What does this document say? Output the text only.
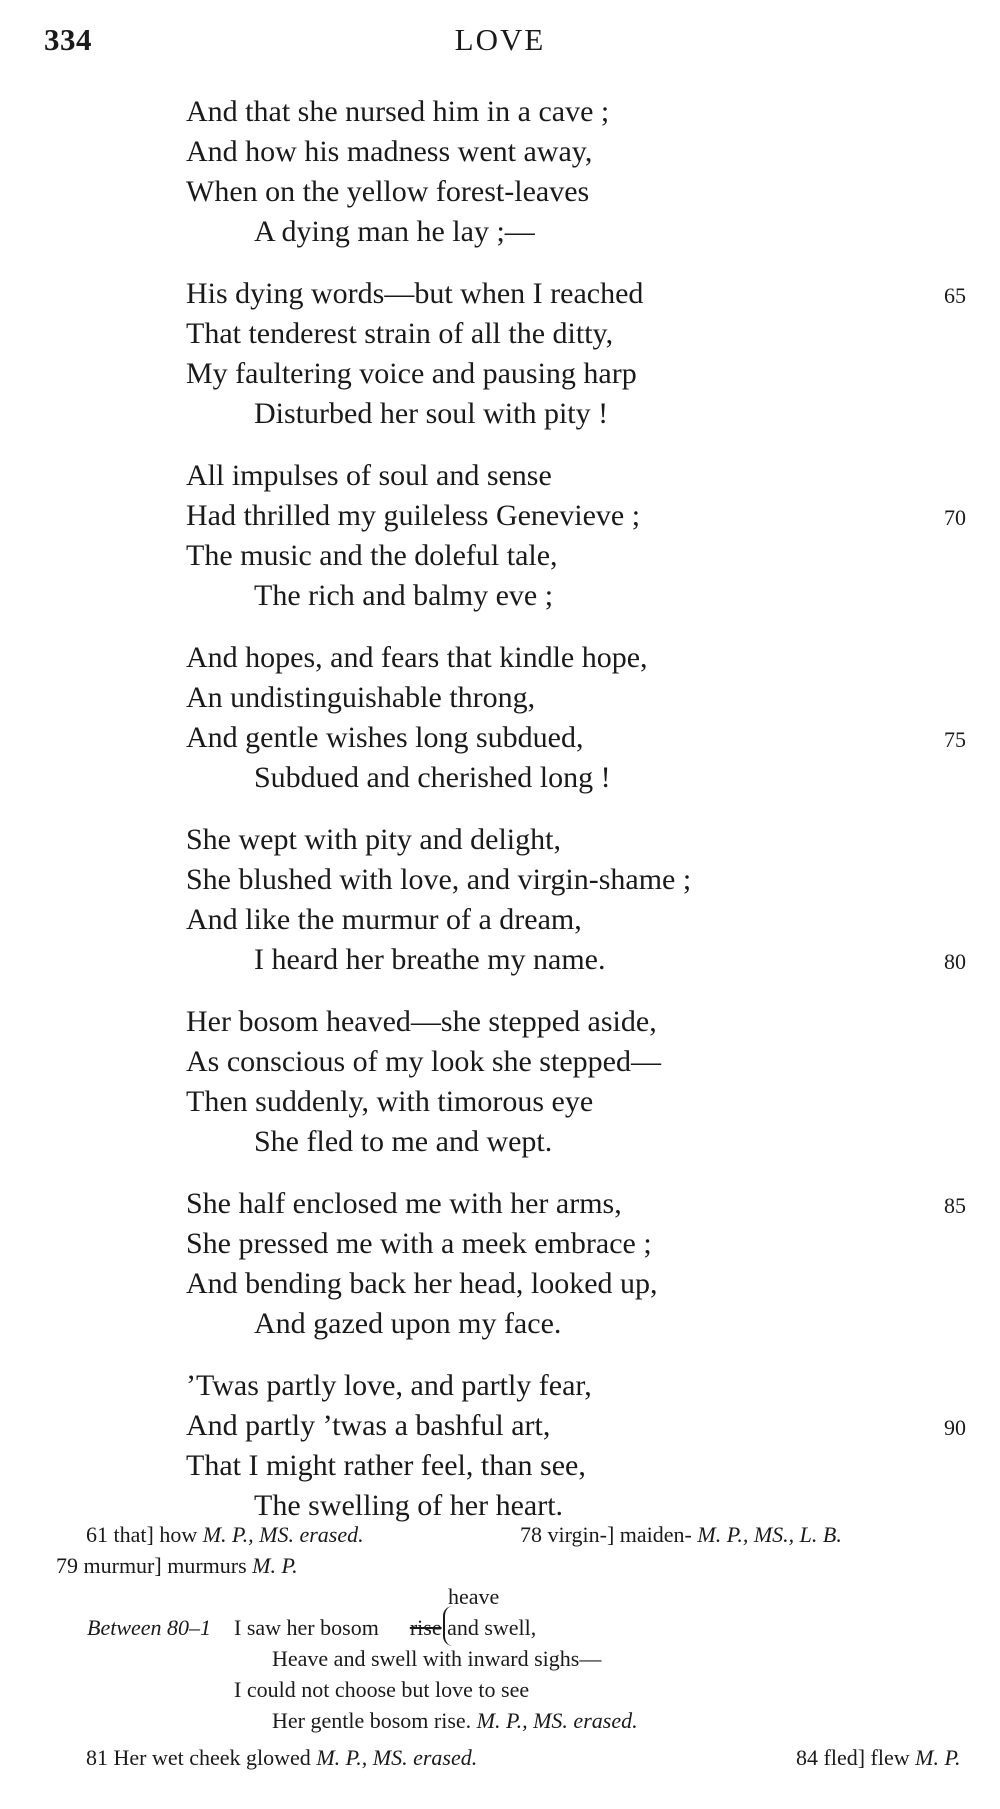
334	LOVE
And that she nursed him in a cave ;
And how his madness went away,
When on the yellow forest-leaves
A dying man he lay ;—
His dying words—but when I reached	65
That tenderest strain of all the ditty,
My faultering voice and pausing harp
Disturbed her soul with pity !
All impulses of soul and sense
Had thrilled my guileless Genevieve ;	70
The music and the doleful tale,
The rich and balmy eve ;
And hopes, and fears that kindle hope,
An undistinguishable throng,
And gentle wishes long subdued,	75
Subdued and cherished long !
She wept with pity and delight,
She blushed with love, and virgin-shame ;
And like the murmur of a dream,
I heard her breathe my name.	80
Her bosom heaved—she stepped aside,
As conscious of my look she stepped—
Then suddenly, with timorous eye
She fled to me and wept.
She half enclosed me with her arms,	85
She pressed me with a meek embrace ;
And bending back her head, looked up,
And gazed upon my face.
’Twas partly love, and partly fear,
And partly ’twas a bashful art,	90
That I might rather feel, than see,
The swelling of her heart.
61 that] how M. P., MS. erased.	78 virgin-] maiden- M. P., MS., L. B.
79 murmur] murmurs M. P.
heave
Between 80–1 I saw her bosom rise and swell,
Heave and swell with inward sighs—
I could not choose but love to see
Her gentle bosom rise. M. P., MS. erased.
81 Her wet cheek glowed M. P., MS. erased.	84 fled] flew M. P.
